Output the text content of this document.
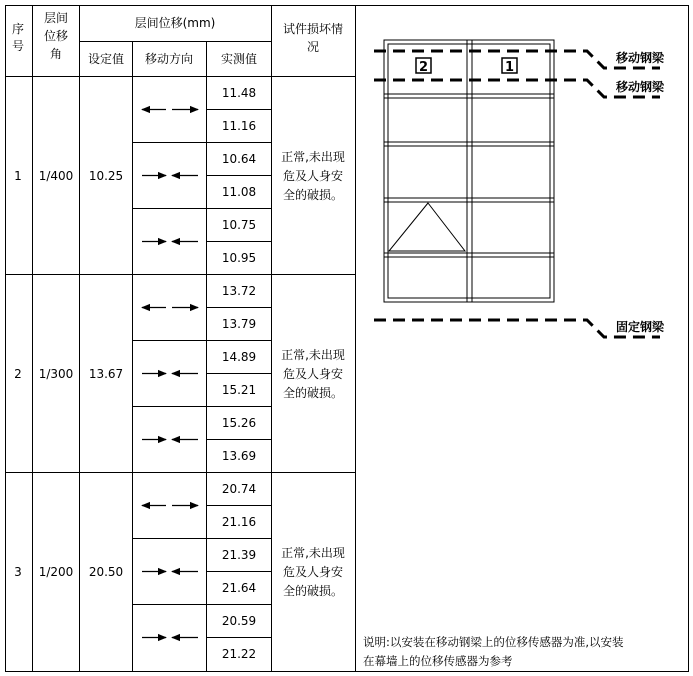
序
号
层间
位移
角
层间位移(mm)
设定值 移动方向 实测值
试件损坏情
况
1 1/400 10.25
11.48
11.16
10.64
11.08
10.75
10.95
正常,未出现
危及人身安
全的破损。
2 1/300 13.67
13.72
13.79
14.89
15.21
15.26
13.69
正常,未出现
危及人身安
全的破损。
3 1/200 20.50
20.74
21.16
21.39
21.64
20.59
21.22
正常,未出现
危及人身安
全的破损。
2	1
移动钢梁
移动钢梁
固定钢梁
说明:以安装在移动钢梁上的位移传感器为准,以安装
在幕墙上的位移传感器为参考
